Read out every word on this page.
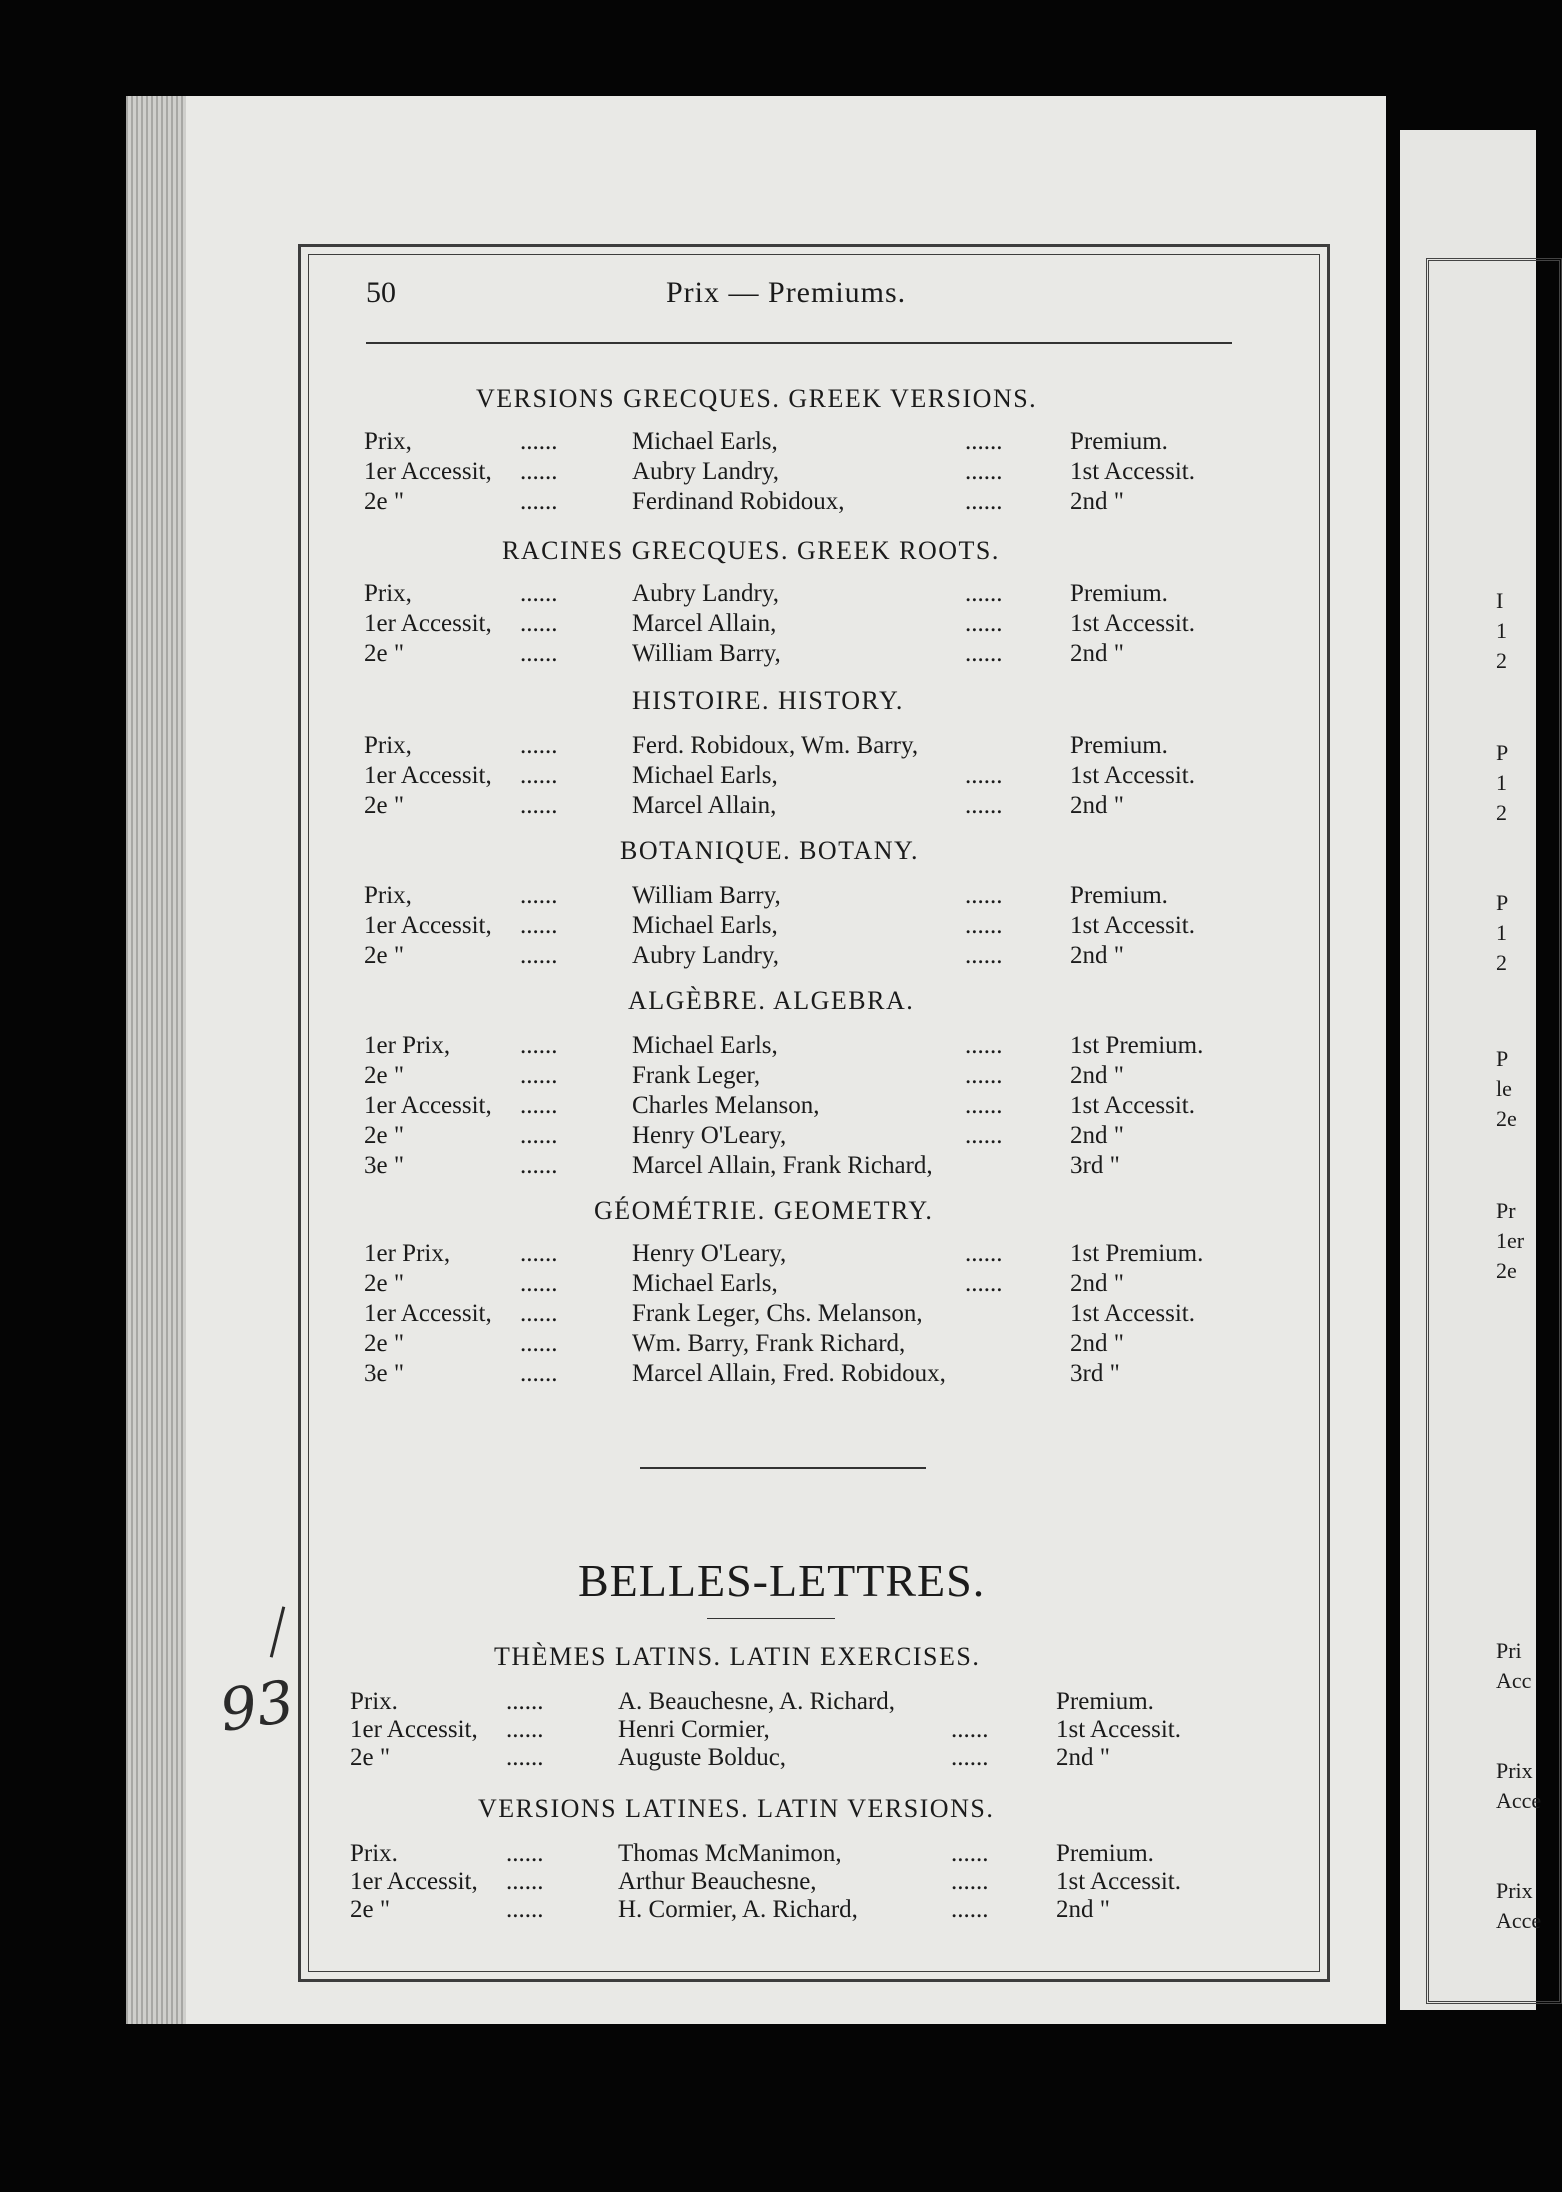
I
1
2
P
1
2
P
1
2
P
le
2e
Pr
1er
2e
Pri
Acc
Prix
Acce
Prix
Acce
50	Prix — Premiums.
VERSIONS GRECQUES. GREEK VERSIONS.
Prix,	......	Michael Earls,	......	Premium.
1er Accessit, ......	Aubry Landry,	......	1st Accessit.
2e "	......	Ferdinand Robidoux,	......	2nd "
RACINES GRECQUES. GREEK ROOTS.
Prix,	......	Aubry Landry,	......	Premium.
1er Accessit, ......	Marcel Allain,	......	1st Accessit.
2e "	......	William Barry,	......	2nd "
HISTOIRE. HISTORY.
Prix,	......	Ferd. Robidoux, Wm. Barry,	Premium.
1er Accessit, ......	Michael Earls,	......	1st Accessit.
2e "	......	Marcel Allain,	......	2nd "
BOTANIQUE. BOTANY.
Prix,	......	William Barry,	......	Premium.
1er Accessit, ......	Michael Earls,	......	1st Accessit.
2e "	......	Aubry Landry,	......	2nd "
ALGÈBRE. ALGEBRA.
1er Prix,	......	Michael Earls,	......	1st Premium.
2e "	......	Frank Leger,	......	2nd "
1er Accessit, ......	Charles Melanson,	......	1st Accessit.
2e "	......	Henry O'Leary,	......	2nd "
3e "	......	Marcel Allain, Frank Richard,	3rd "
GÉOMÉTRIE. GEOMETRY.
1er Prix,	......	Henry O'Leary,	......	1st Premium.
2e "	......	Michael Earls,	......	2nd "
1er Accessit, ......	Frank Leger, Chs. Melanson,	1st Accessit.
2e "	......	Wm. Barry, Frank Richard,	2nd "
3e "	......	Marcel Allain, Fred. Robidoux,	3rd "
THÈMES LATINS. LATIN EXERCISES.
Prix.	......	A. Beauchesne, A. Richard,	Premium.
1er Accessit, ......	Henri Cormier,	......	1st Accessit.
2e "	......	Auguste Bolduc,	......	2nd "
VERSIONS LATINES. LATIN VERSIONS.
Prix.	......	Thomas McManimon,	......	Premium.
1er Accessit, ......	Arthur Beauchesne,	......	1st Accessit.
2e "	......	H. Cormier, A. Richard,	......	2nd "
BELLES-LETTRES.
93
